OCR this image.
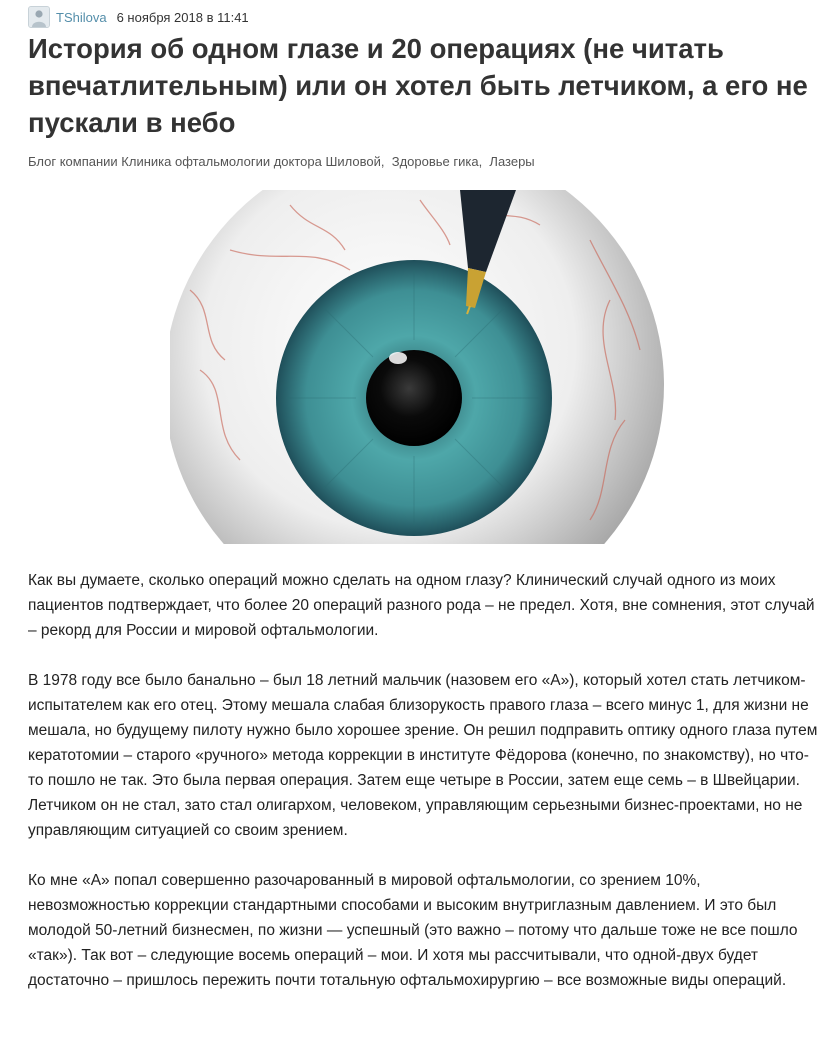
TShilova 6 ноября 2018 в 11:41
История об одном глазе и 20 операциях (не читать впечатлительным) или он хотел быть летчиком, а его не пускали в небо
Блог компании Клиника офтальмологии доктора Шиловой, Здоровье гика, Лазеры

Как вы думаете, сколько операций можно сделать на одном глазу? Клинический случай одного из моих пациентов подтверждает, что более 20 операций разного рода – не предел. Хотя, вне сомнения, этот случай – рекорд для России и мировой офтальмологии.

В 1978 году все было банально – был 18 летний мальчик (назовем его «А»), который хотел стать летчиком-испытателем как его отец. Этому мешала слабая близорукость правого глаза – всего минус 1, для жизни не мешала, но будущему пилоту нужно было хорошее зрение. Он решил подправить оптику одного глаза путем кератотомии – старого «ручного» метода коррекции в институте Фёдорова (конечно, по знакомству), но что-то пошло не так. Это была первая операция. Затем еще четыре в России, затем еще семь – в Швейцарии. Летчиком он не стал, зато стал олигархом, человеком, управляющим серьезными бизнес-проектами, но не управляющим ситуацией со своим зрением.

Ко мне «А» попал совершенно разочарованный в мировой офтальмологии, со зрением 10%, невозможностью коррекции стандартными способами и высоким внутриглазным давлением. И это был молодой 50-летний бизнесмен, по жизни — успешный (это важно – потому что дальше тоже не все пошло «так»). Так вот – следующие восемь операций – мои. И хотя мы рассчитывали, что одной-двух будет достаточно – пришлось пережить почти тотальную офтальмохирургию – все возможные виды операций.
